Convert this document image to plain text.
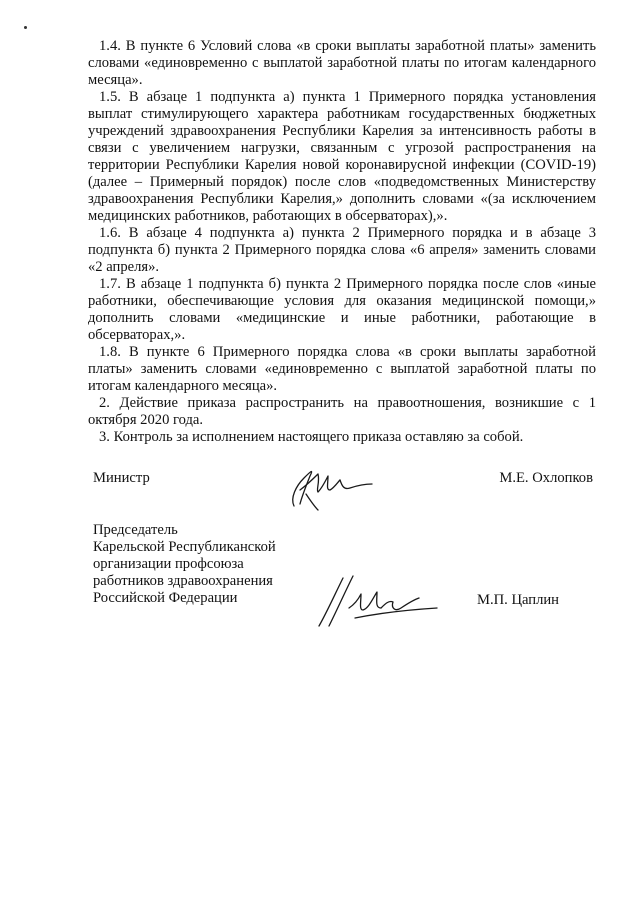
1.4. В пункте 6 Условий слова «в сроки выплаты заработной платы» заменить словами «единовременно с выплатой заработной платы по итогам календарного месяца».

1.5. В абзаце 1 подпункта а) пункта 1 Примерного порядка установления выплат стимулирующего характера работникам государственных бюджетных учреждений здравоохранения Республики Карелия за интенсивность работы в связи с увеличением нагрузки, связанным с угрозой распространения на территории Республики Карелия новой коронавирусной инфекции (COVID-19) (далее – Примерный порядок) после слов «подведомственных Министерству здравоохранения Республики Карелия,» дополнить словами «(за исключением медицинских работников, работающих в обсерваторах),».

1.6. В абзаце 4 подпункта а) пункта 2 Примерного порядка и в абзаце 3 подпункта б) пункта 2 Примерного порядка слова «6 апреля» заменить словами «2 апреля».

1.7. В абзаце 1 подпункта б) пункта 2 Примерного порядка после слов «иные работники, обеспечивающие условия для оказания медицинской помощи,» дополнить словами «медицинские и иные работники, работающие в обсерваторах,».

1.8. В пункте 6 Примерного порядка слова «в сроки выплаты заработной платы» заменить словами «единовременно с выплатой заработной платы по итогам календарного месяца».

2. Действие приказа распространить на правоотношения, возникшие с 1 октября 2020 года.

3. Контроль за исполнением настоящего приказа оставляю за собой.

Министр	М.Е. Охлопков
Председатель
Карельской Республиканской
организации профсоюза
работников здравоохранения
Российской Федерации	М.П. Цаплин
